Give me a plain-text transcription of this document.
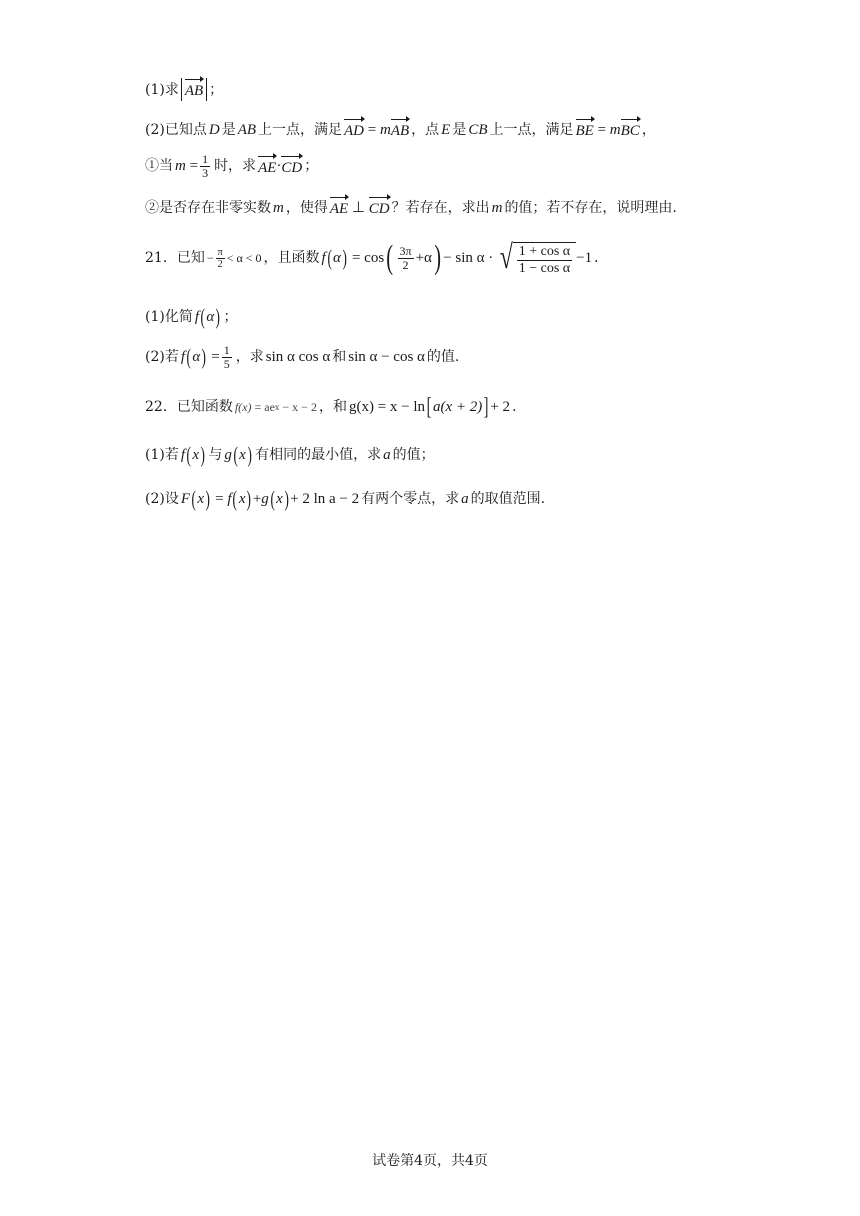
(1)求 AB ；
(2)已知点 D 是 AB 上一点，满足 AD
=
m AB ，点 E 是 CB 上一点，满足 BE
=
m BC ，
①当 m
= $\frac{1}{3}$ 时，求 AE · CD ；
②是否存在非零实数 m ，使得 AE
⊥
CD ？若存在，求出 m 的值；若不存在，说明理由.
21．已知 − $\frac{\pi}{2} < \alpha < 0$ ，且函数 f ( α )
= cos ( $\frac{3\pi}{2} +\alpha$ ) − sin α ·
√ $\frac{\text{1 + cos α}}{\text{1 − cos α}} -1$ ．
(1)化简 f ( α ) ；
(2)若 f ( α )
= $\frac{1}{5}$ ，求 sin α cos α 和 sin α − cos α 的值.
22．已知函数 f(x)
= ae x
− x − 2 ，和 g(x) = x − ln [ a(x + 2) ] + 2 .
(1)若 f ( x ) 与 g ( x ) 有相同的最小值，求 a 的值；
(2)设 F ( x )
=
f ( x ) + g ( x ) + 2 ln a − 2 有两个零点，求 a 的取值范围.
试卷第4页，共4页
